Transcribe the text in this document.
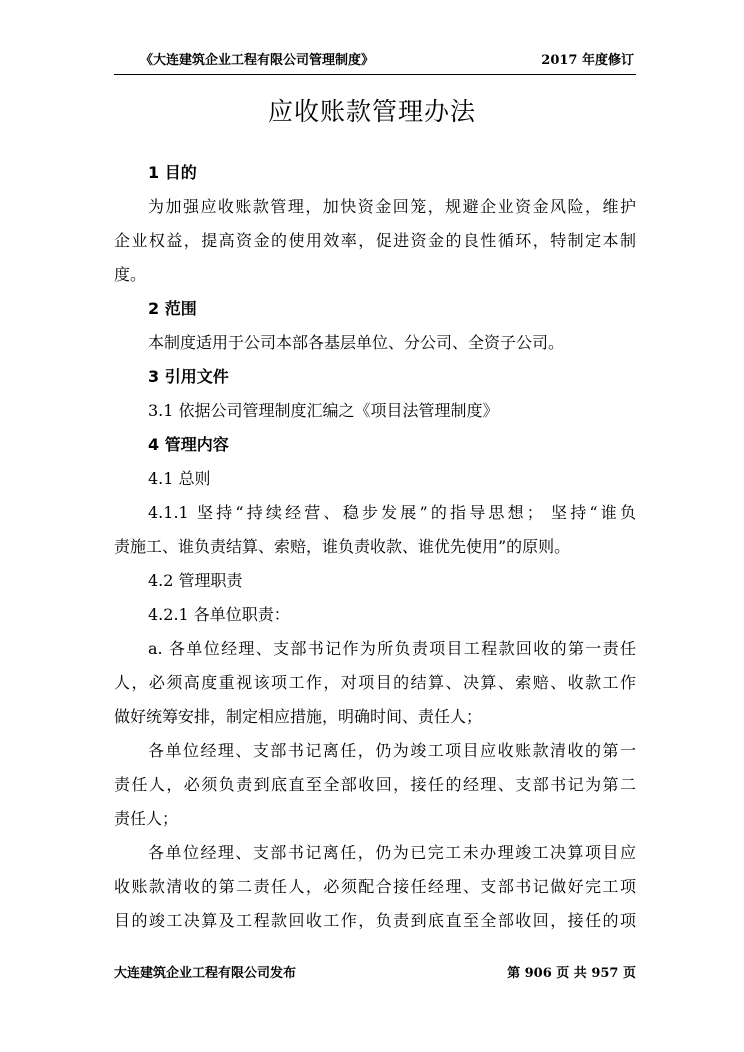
《大连建筑企业工程有限公司管理制度》	2017 年度修订
应收账款管理办法
1 目的
为加强应收账款管理，加快资金回笼，规避企业资金风险，维护
企业权益，提高资金的使用效率，促进资金的良性循环，特制定本制
度。
2 范围
本制度适用于公司本部各基层单位、分公司、全资子公司。
3 引用文件
3.1 依据公司管理制度汇编之《项目法管理制度》
4 管理内容
4.1 总则
4.1.1 坚持“持续经营、稳步发展”的指导思想； 坚持“谁负
责施工、谁负责结算、索赔，谁负责收款、谁优先使用”的原则。
4.2 管理职责
4.2.1 各单位职责：
a. 各单位经理、支部书记作为所负责项目工程款回收的第一责任
人，必须高度重视该项工作，对项目的结算、决算、索赔、收款工作
做好统筹安排，制定相应措施，明确时间、责任人；
各单位经理、支部书记离任，仍为竣工项目应收账款清收的第一
责任人，必须负责到底直至全部收回，接任的经理、支部书记为第二
责任人；
各单位经理、支部书记离任，仍为已完工未办理竣工决算项目应
收账款清收的第二责任人，必须配合接任经理、支部书记做好完工项
目的竣工决算及工程款回收工作，负责到底直至全部收回，接任的项
大连建筑企业工程有限公司发布	第 906 页 共 957 页
